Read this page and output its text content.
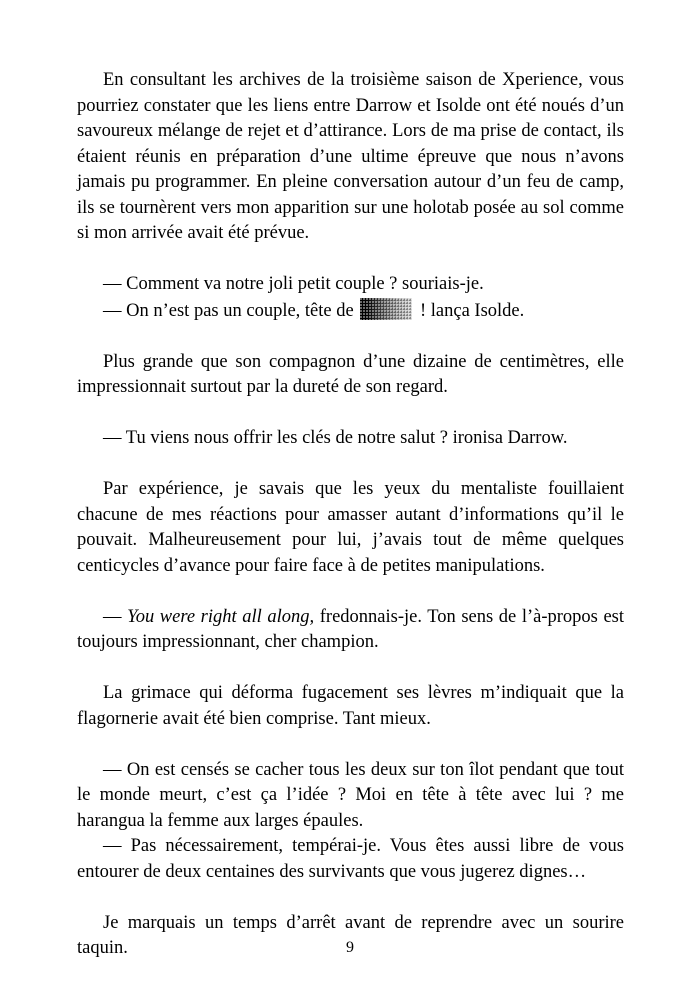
En consultant les archives de la troisième saison de Xperience, vous pourriez constater que les liens entre Darrow et Isolde ont été noués d’un savoureux mélange de rejet et d’attirance. Lors de ma prise de contact, ils étaient réunis en préparation d’une ultime épreuve que nous n’avons jamais pu programmer. En pleine conversation autour d’un feu de camp, ils se tournèrent vers mon apparition sur une holotab posée au sol comme si mon arrivée avait été prévue.

— Comment va notre joli petit couple ? souriais-je.

— On n’est pas un couple, tête de	! lança Isolde.

Plus grande que son compagnon d’une dizaine de centimètres, elle impressionnait surtout par la dureté de son regard.

— Tu viens nous offrir les clés de notre salut ? ironisa Darrow.

Par expérience, je savais que les yeux du mentaliste fouillaient chacune de mes réactions pour amasser autant d’informations qu’il le pouvait. Malheureusement pour lui, j’avais tout de même quelques centicycles d’avance pour faire face à de petites manipulations.

— You were right all along, fredonnais-je. Ton sens de l’à-propos est toujours impressionnant, cher champion.

La grimace qui déforma fugacement ses lèvres m’indiquait que la flagornerie avait été bien comprise. Tant mieux.

— On est censés se cacher tous les deux sur ton îlot pendant que tout le monde meurt, c’est ça l’idée ? Moi en tête à tête avec lui ? me harangua la femme aux larges épaules.

— Pas nécessairement, tempérai-je. Vous êtes aussi libre de vous entourer de deux centaines des survivants que vous jugerez dignes…

Je marquais un temps d’arrêt avant de reprendre avec un sourire taquin.	9
